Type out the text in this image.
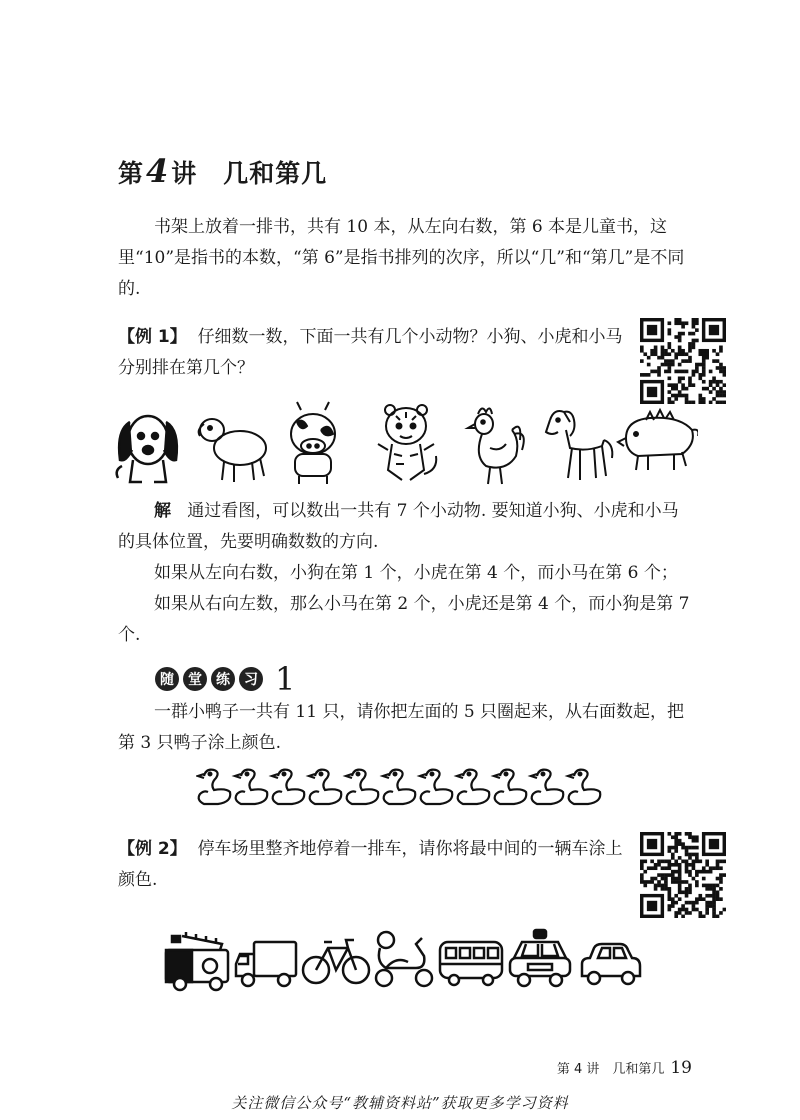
第4讲 几和第几
书架上放着一排书，共有 10 本，从左向右数，第 6 本是儿童书，这里“10”是指书的本数，“第 6”是指书排列的次序，所以“几”和“第几”是不同的.
【例 1】 仔细数一数，下面一共有几个小动物？小狗、小虎和小马分别排在第几个？

解 通过看图，可以数出一共有 7 个小动物. 要知道小狗、小虎和小马的具体位置，先要明确数数的方向.

如果从左向右数，小狗在第 1 个，小虎在第 4 个，而小马在第 6 个；

如果从右向左数，那么小马在第 2 个，小虎还是第 4 个，而小狗是第 7 个.

随	堂	练	习 1
一群小鸭子一共有 11 只，请你把左面的 5 只圈起来，从右面数起，把第 3 只鸭子涂上颜色.
【例 2】 停车场里整齐地停着一排车，请你将最中间的一辆车涂上颜色.
第 4 讲　几和第几 19
关注微信公众号“教辅资料站”获取更多学习资料
